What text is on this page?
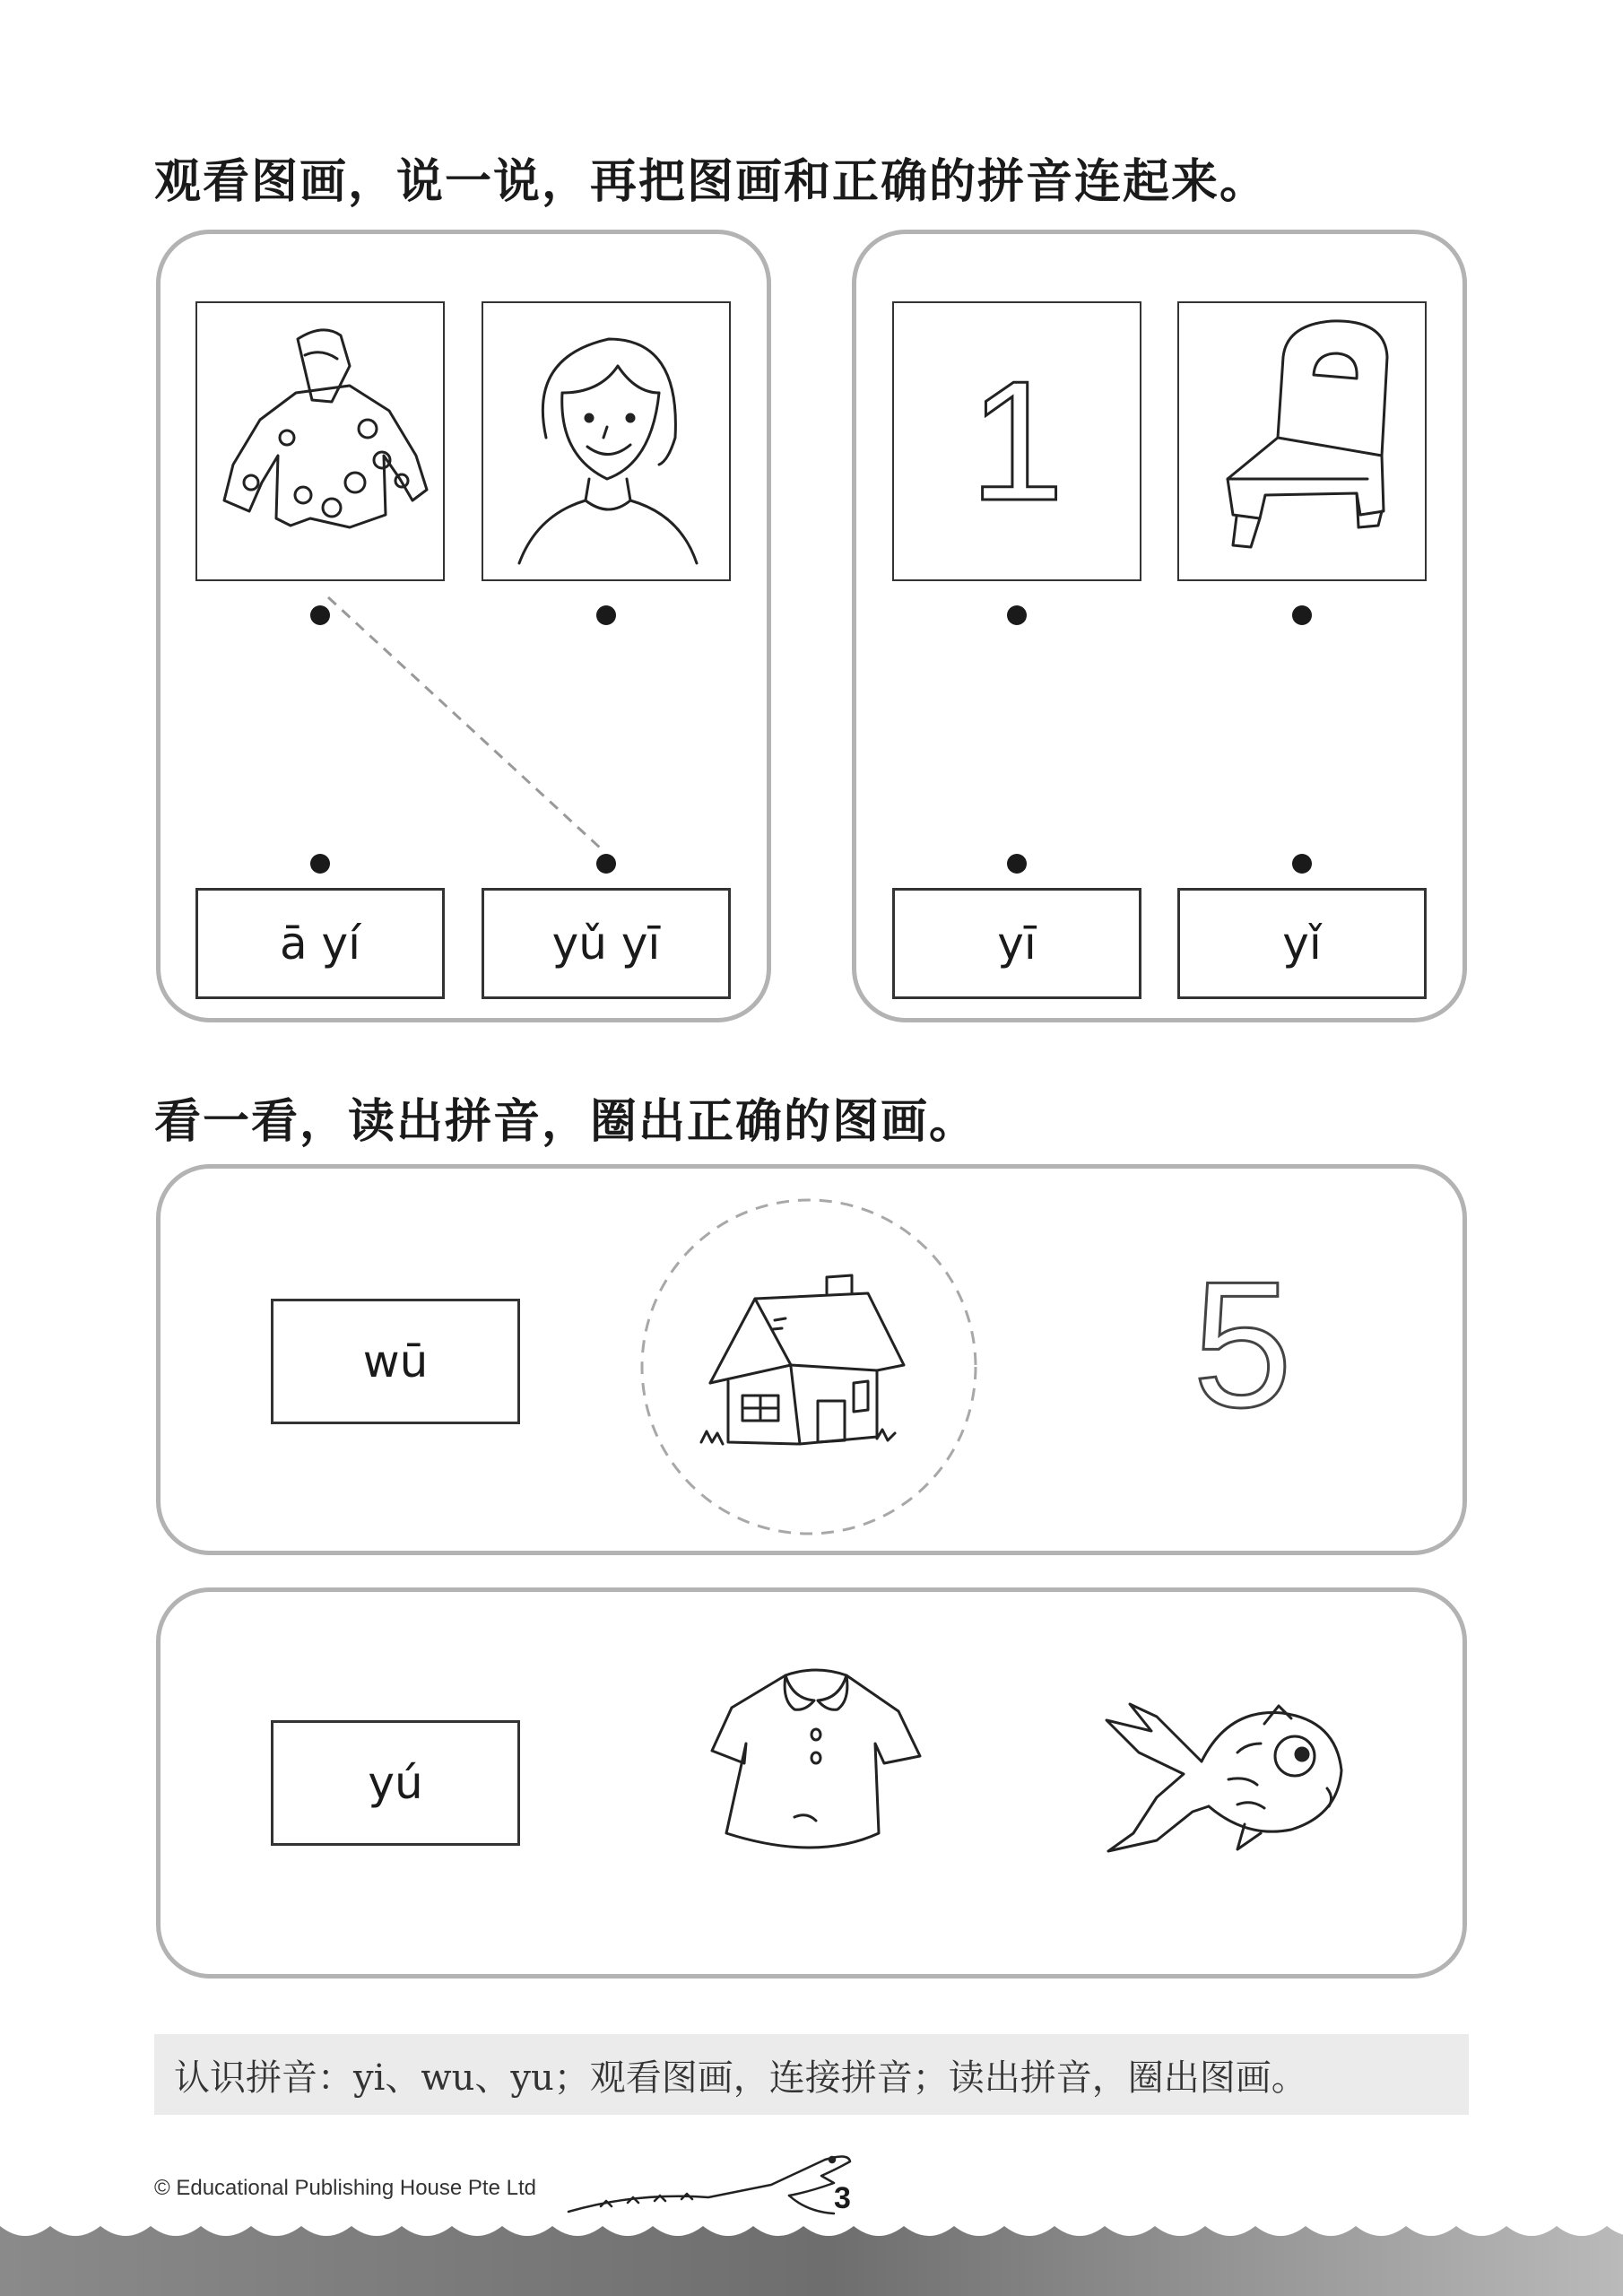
观看图画，说一说，再把图画和正确的拼音连起来。
ā yí	yǔ yī
1
yī	yǐ
看一看，读出拼音，圈出正确的图画。
wū	5
yú
认识拼音：yi、wu、yu；观看图画，连接拼音；读出拼音，圈出图画。
© Educational Publishing House Pte Ltd	3
